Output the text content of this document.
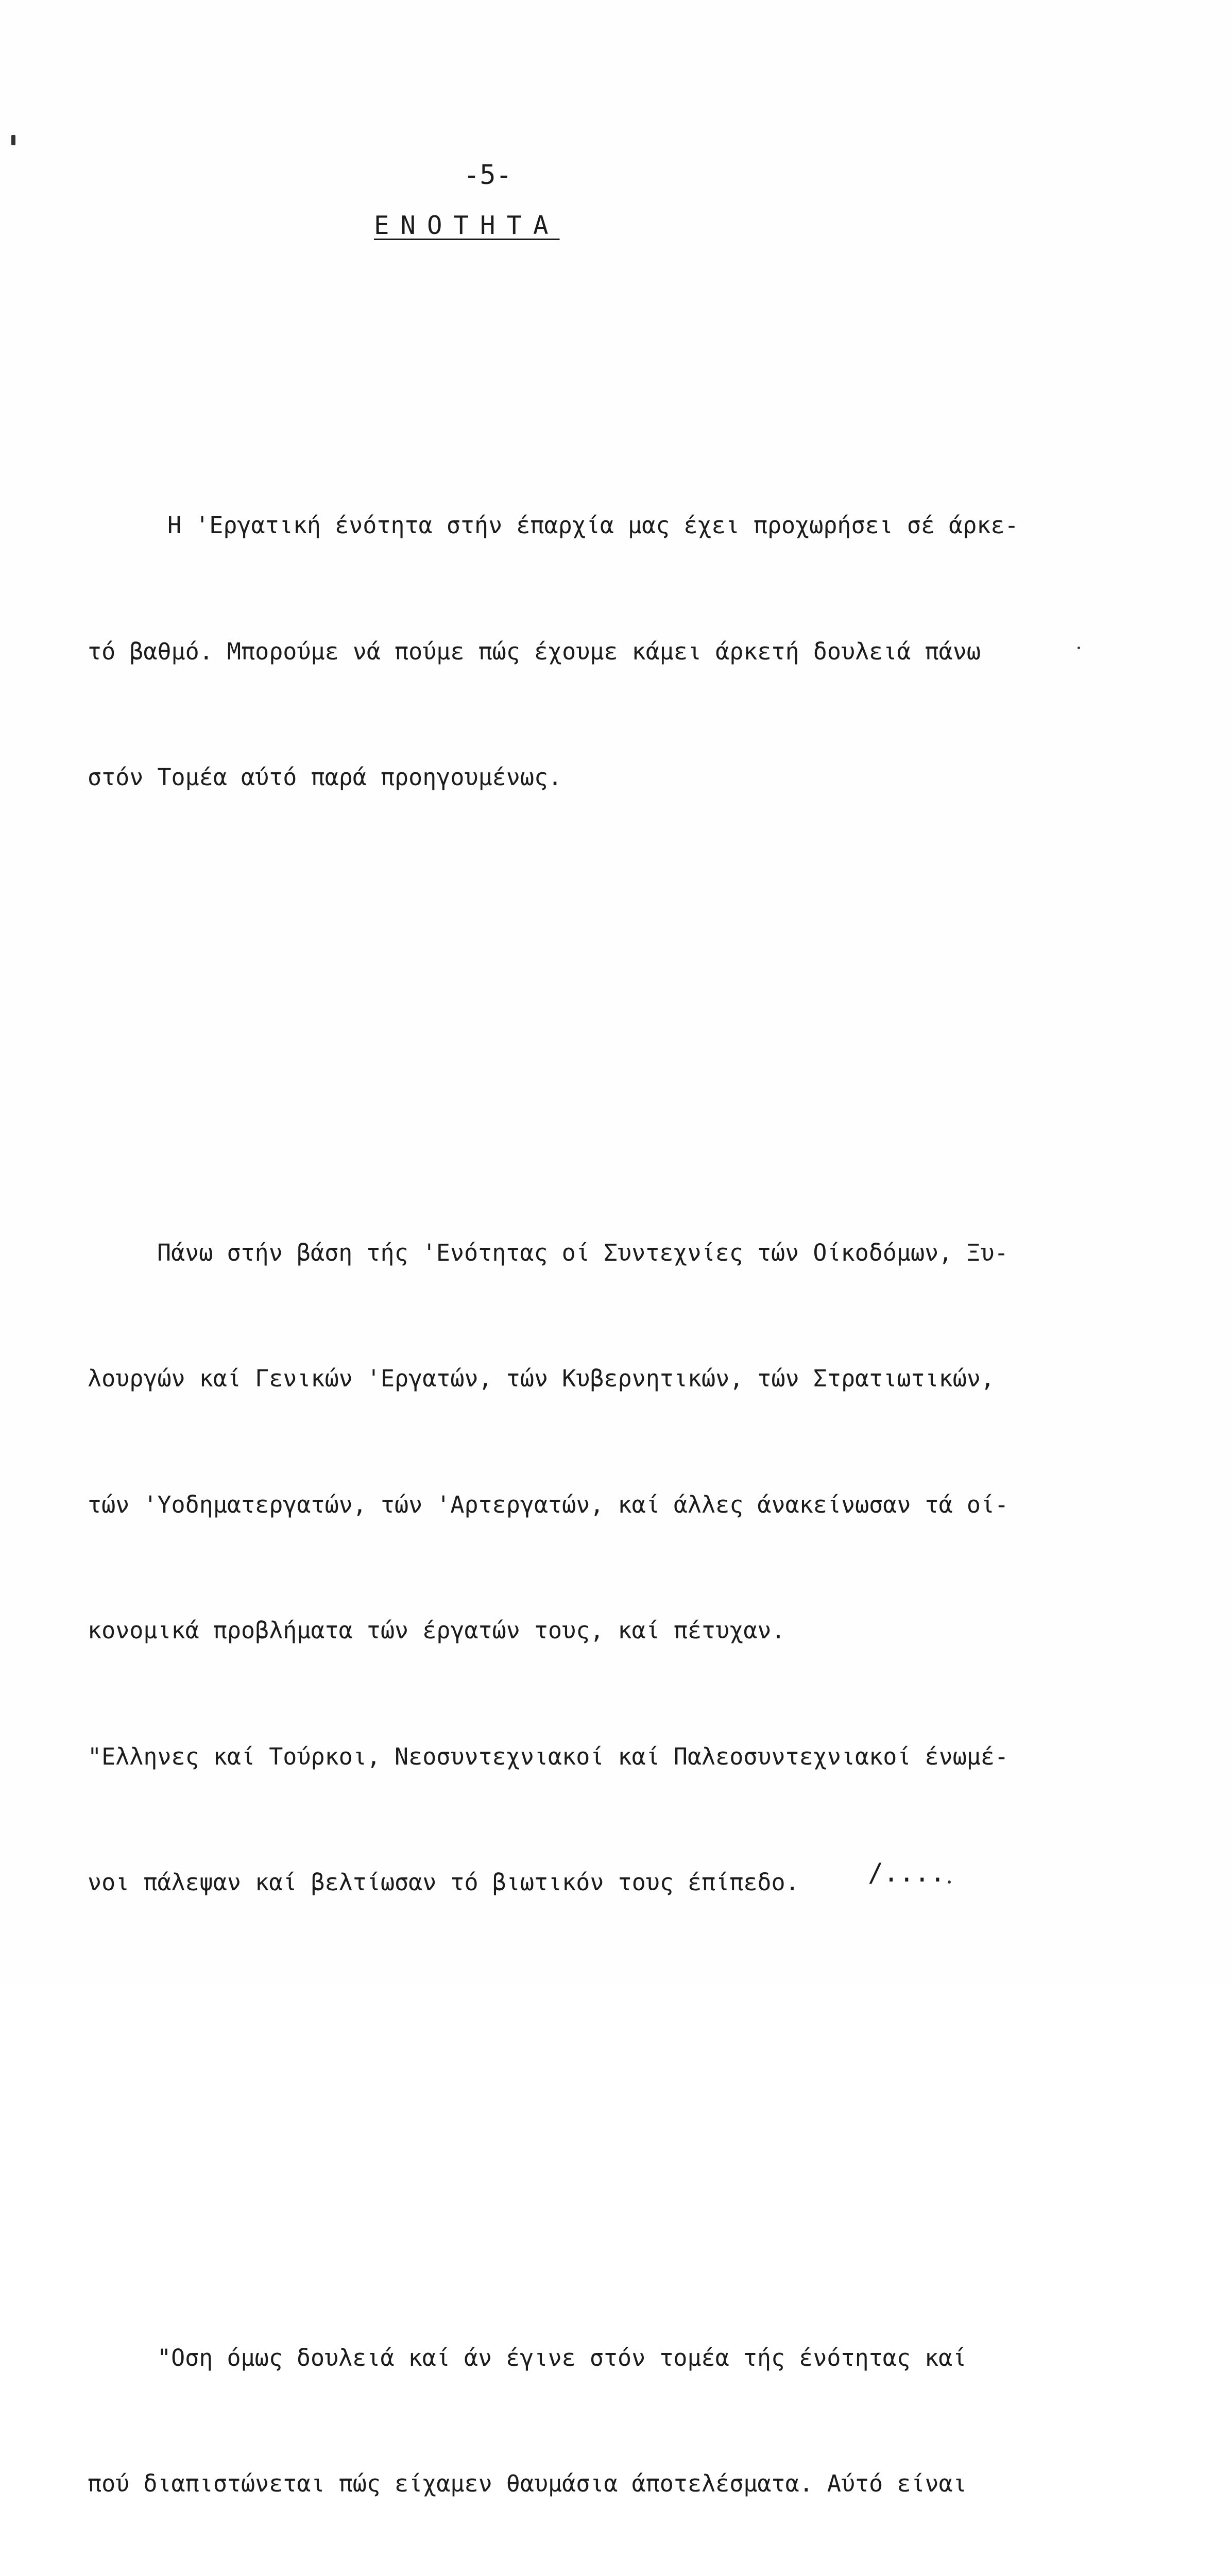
-5-
ΕΝΟΤΗΤΑ

Η 'Εργατική ένότητα στήν έπαρχία μας έχει προχωρήσει σέ άρκε-

τό βαθμό. Μπορούμε νά πούμε πώς έχουμε κάμει άρκετή δουλειά πάνω

στόν Τομέα αύτό παρά προηγουμένως.

Πάνω στήν βάση τής 'Ενότητας οί Συντεχνίες τών Οίκοδόμων, Ξυ-

λουργών καί Γενικών 'Εργατών, τών Κυβερνητικών, τών Στρατιωτικών,

τών 'Υοδηματεργατών, τών 'Αρτεργατών, καί άλλες άνακείνωσαν τά οί-

κονομικά προβλήματα τών έργατών τους, καί πέτυχαν.

"Ελληνες καί Τούρκοι, Νεοσυντεχνιακοί καί Παλεοσυντεχνιακοί ένωμέ-

νοι πάλεψαν καί βελτίωσαν τό βιωτικόν τους έπίπεδο.

"Οση όμως δουλειά καί άν έγινε στόν τομέα τής ένότητας καί

πού διαπιστώνεται πώς είχαμεν θαυμάσια άποτελέσματα. Αύτό είναι

/....
